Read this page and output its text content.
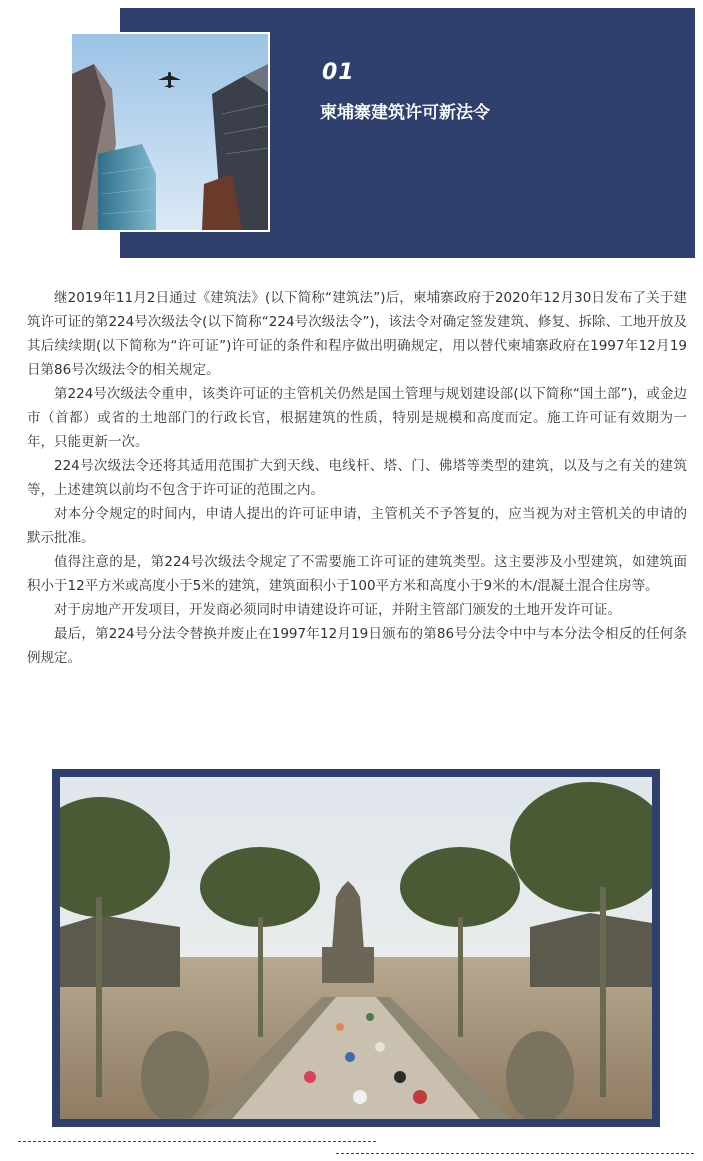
01
柬埔寨建筑许可新法令

继2019年11月2日通过《建筑法》(以下简称“建筑法”)后，柬埔寨政府于2020年12月30日发布了关于建筑许可证的第224号次级法令(以下简称“224号次级法令”)，该法令对确定签发建筑、修复、拆除、工地开放及其后续续期(以下简称为“许可证”)许可证的条件和程序做出明确规定，用以替代柬埔寨政府在1997年12月19日第86号次级法令的相关规定。

第224号次级法令重申，该类许可证的主管机关仍然是国土管理与规划建设部(以下简称“国土部”)，或金边市（首都）或省的土地部门的行政长官，根据建筑的性质，特别是规模和高度而定。施工许可证有效期为一年，只能更新一次。

224号次级法令还将其适用范围扩大到天线、电线杆、塔、门、佛塔等类型的建筑，以及与之有关的建筑等，上述建筑以前均不包含于许可证的范围之内。

对本分令规定的时间内，申请人提出的许可证申请，主管机关不予答复的，应当视为对主管机关的申请的默示批准。

值得注意的是，第224号次级法令规定了不需要施工许可证的建筑类型。这主要涉及小型建筑，如建筑面积小于12平方米或高度小于5米的建筑，建筑面积小于100平方米和高度小于9米的木/混凝土混合住房等。

对于房地产开发项目，开发商必须同时申请建设许可证，并附主管部门颁发的土地开发许可证。

最后，第224号分法令替换并废止在1997年12月19日颁布的第86号分法令中中与本分法令相反的任何条例规定。
